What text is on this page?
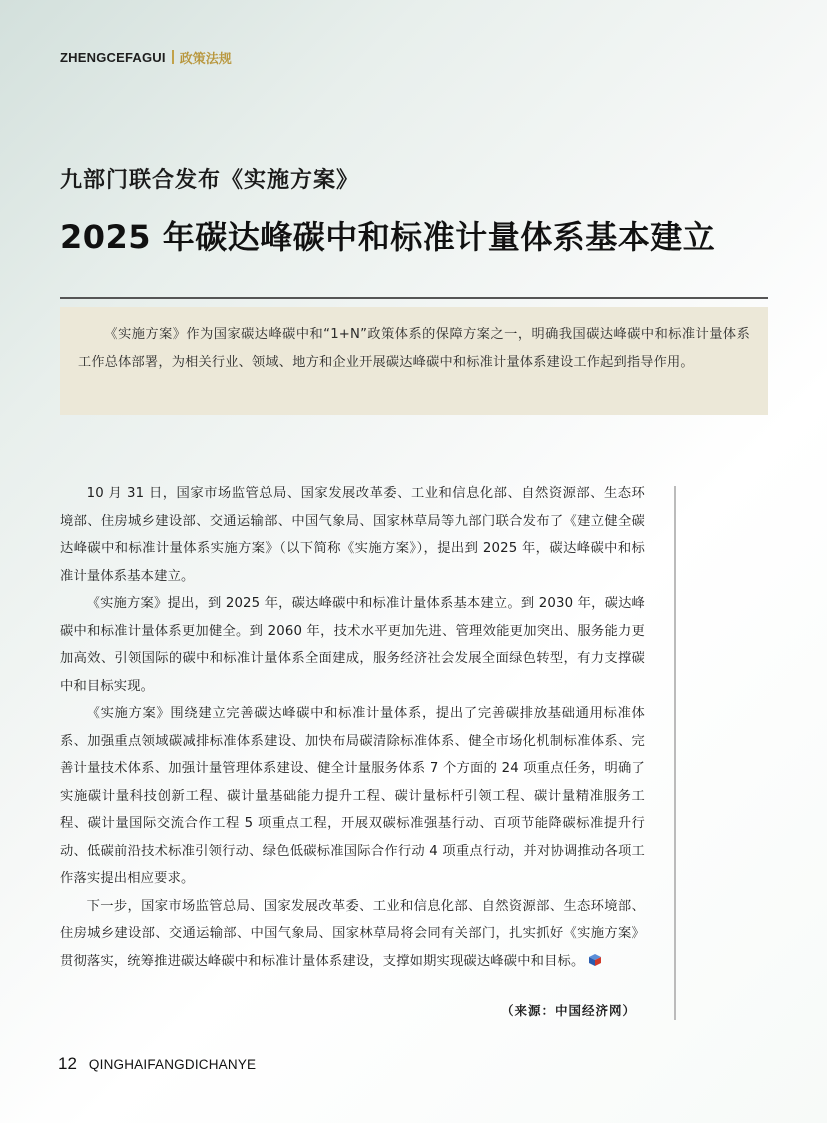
ZHENGCEFAGUI 政策法规
九部门联合发布《实施方案》
2025 年碳达峰碳中和标准计量体系基本建立

《实施方案》作为国家碳达峰碳中和“1+N”政策体系的保障方案之一，明确我国碳达峰碳中和标准计量体系工作总体部署，为相关行业、领域、地方和企业开展碳达峰碳中和标准计量体系建设工作起到指导作用。

10 月 31 日，国家市场监管总局、国家发展改革委、工业和信息化部、自然资源部、生态环境部、住房城乡建设部、交通运输部、中国气象局、国家林草局等九部门联合发布了《建立健全碳达峰碳中和标准计量体系实施方案》（以下简称《实施方案》），提出到 2025 年，碳达峰碳中和标准计量体系基本建立。

《实施方案》提出，到 2025 年，碳达峰碳中和标准计量体系基本建立。到 2030 年，碳达峰碳中和标准计量体系更加健全。到 2060 年，技术水平更加先进、管理效能更加突出、服务能力更加高效、引领国际的碳中和标准计量体系全面建成，服务经济社会发展全面绿色转型，有力支撑碳中和目标实现。

《实施方案》围绕建立完善碳达峰碳中和标准计量体系，提出了完善碳排放基础通用标准体系、加强重点领域碳减排标准体系建设、加快布局碳清除标准体系、健全市场化机制标准体系、完善计量技术体系、加强计量管理体系建设、健全计量服务体系 7 个方面的 24 项重点任务，明确了实施碳计量科技创新工程、碳计量基础能力提升工程、碳计量标杆引领工程、碳计量精准服务工程、碳计量国际交流合作工程 5 项重点工程，开展双碳标准强基行动、百项节能降碳标准提升行动、低碳前沿技术标准引领行动、绿色低碳标准国际合作行动 4 项重点行动，并对协调推动各项工作落实提出相应要求。

下一步，国家市场监管总局、国家发展改革委、工业和信息化部、自然资源部、生态环境部、住房城乡建设部、交通运输部、中国气象局、国家林草局将会同有关部门，扎实抓好《实施方案》贯彻落实，统筹推进碳达峰碳中和标准计量体系建设，支撑如期实现碳达峰碳中和目标。

（来源：中国经济网）
12 QINGHAIFANGDICHANYE
